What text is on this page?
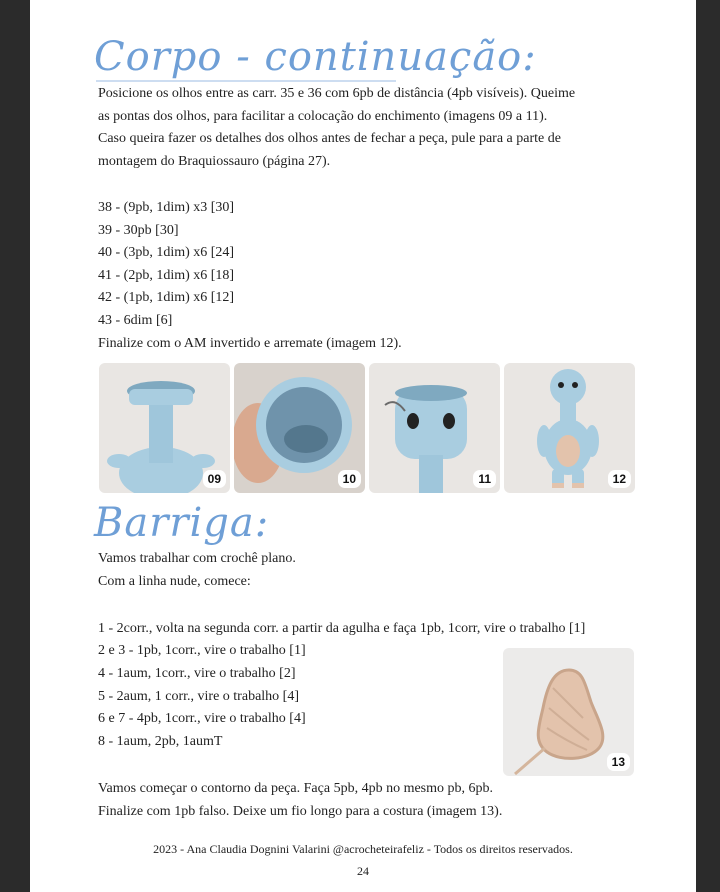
Corpo - continuação:
Posicione os olhos entre as carr. 35 e 36 com 6pb de distância (4pb visíveis). Queime
as pontas dos olhos, para facilitar a colocação do enchimento (imagens 09 a 11).
Caso queira fazer os detalhes dos olhos antes de fechar a peça, pule para a parte de
montagem do Braquiossauro (página 27).
38 - (9pb, 1dim) x3 [30]
39 - 30pb [30]
40 - (3pb, 1dim) x6 [24]
41 - (2pb, 1dim) x6 [18]
42 - (1pb, 1dim) x6 [12]
43 - 6dim [6]
Finalize com o AM invertido e arremate (imagem 12).
09	10	11	12
Barriga:
Vamos trabalhar com crochê plano.
Com a linha nude, comece:
1 - 2corr., volta na segunda corr. a partir da agulha e faça 1pb, 1corr, vire o trabalho [1]
2 e 3 - 1pb, 1corr., vire o trabalho [1]
4 - 1aum, 1corr., vire o trabalho [2]
5 - 2aum, 1 corr., vire o trabalho [4]
6 e 7 - 4pb, 1corr., vire o trabalho [4]
8 - 1aum, 2pb, 1aumT
13
Vamos começar o contorno da peça. Faça 5pb, 4pb no mesmo pb, 6pb.
Finalize com 1pb falso. Deixe um fio longo para a costura (imagem 13).
2023 - Ana Claudia Dognini Valarini @acrocheteirafeliz - Todos os direitos reservados.
24
